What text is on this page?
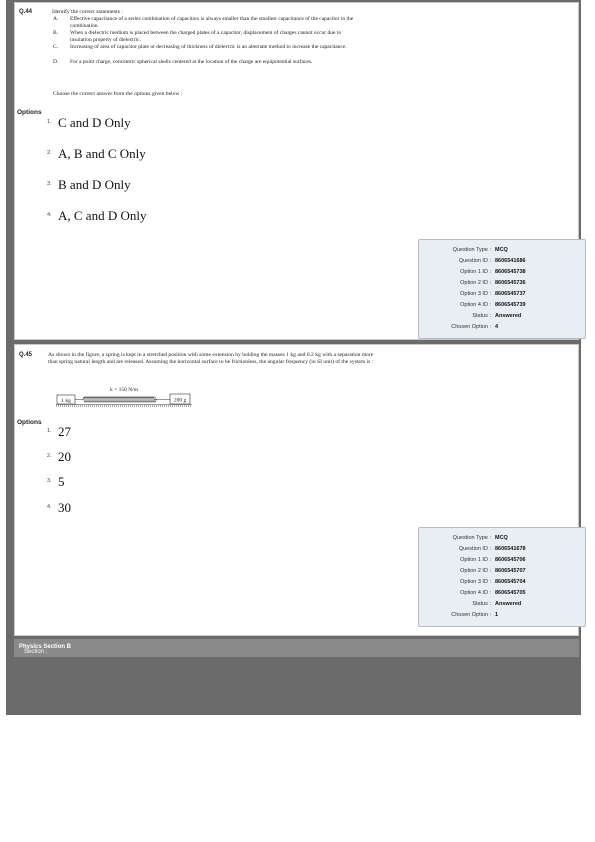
Q.44	Identify the correct statements :
A. Effective capacitance of a series combination of capacitors is always smaller than the smallest capacitance of the capacitor in the combination.
B. When a dielectric medium is placed between the charged plates of a capacitor, displacement of charges cannot occur due to insulation property of dielectric.
C. Increasing of area of capacitor plate or decreasing of thickness of dielectric is an alternate method to increase the capacitance.
D. For a point charge, concentric spherical shells centered at the location of the charge are equipotential surfaces.
Choose the correct answer from the options given below :
Options
1. C and D Only
2. A, B and C Only
3. B and D Only
4. A, C and D Only
Question Type : MCQ
Question ID : 8606541686
Option 1 ID : 8606545738
Option 2 ID : 8606545736
Option 3 ID : 8606545737
Option 4 ID : 8606545739
Status : Answered
Chosen Option : 4
Q.45	As shown in the figure, a spring is kept in a stretched position with some extension by holding the masses 1 kg and 0.2 kg with a separation more than spring natural length and are released. Assuming the horizontal surface to be frictionless, the angular frequency (in SI unit) of the system is :
Options
1. 27
2. 20
3. 5
4. 30
Question Type : MCQ
Question ID : 8606541678
Option 1 ID : 8606545706
Option 2 ID : 8606545707
Option 3 ID : 8606545704
Option 4 ID : 8606545705
Status : Answered
Chosen Option : 1
k = 150 N/m
1 kg	200 g
Section :
Physics Section B
